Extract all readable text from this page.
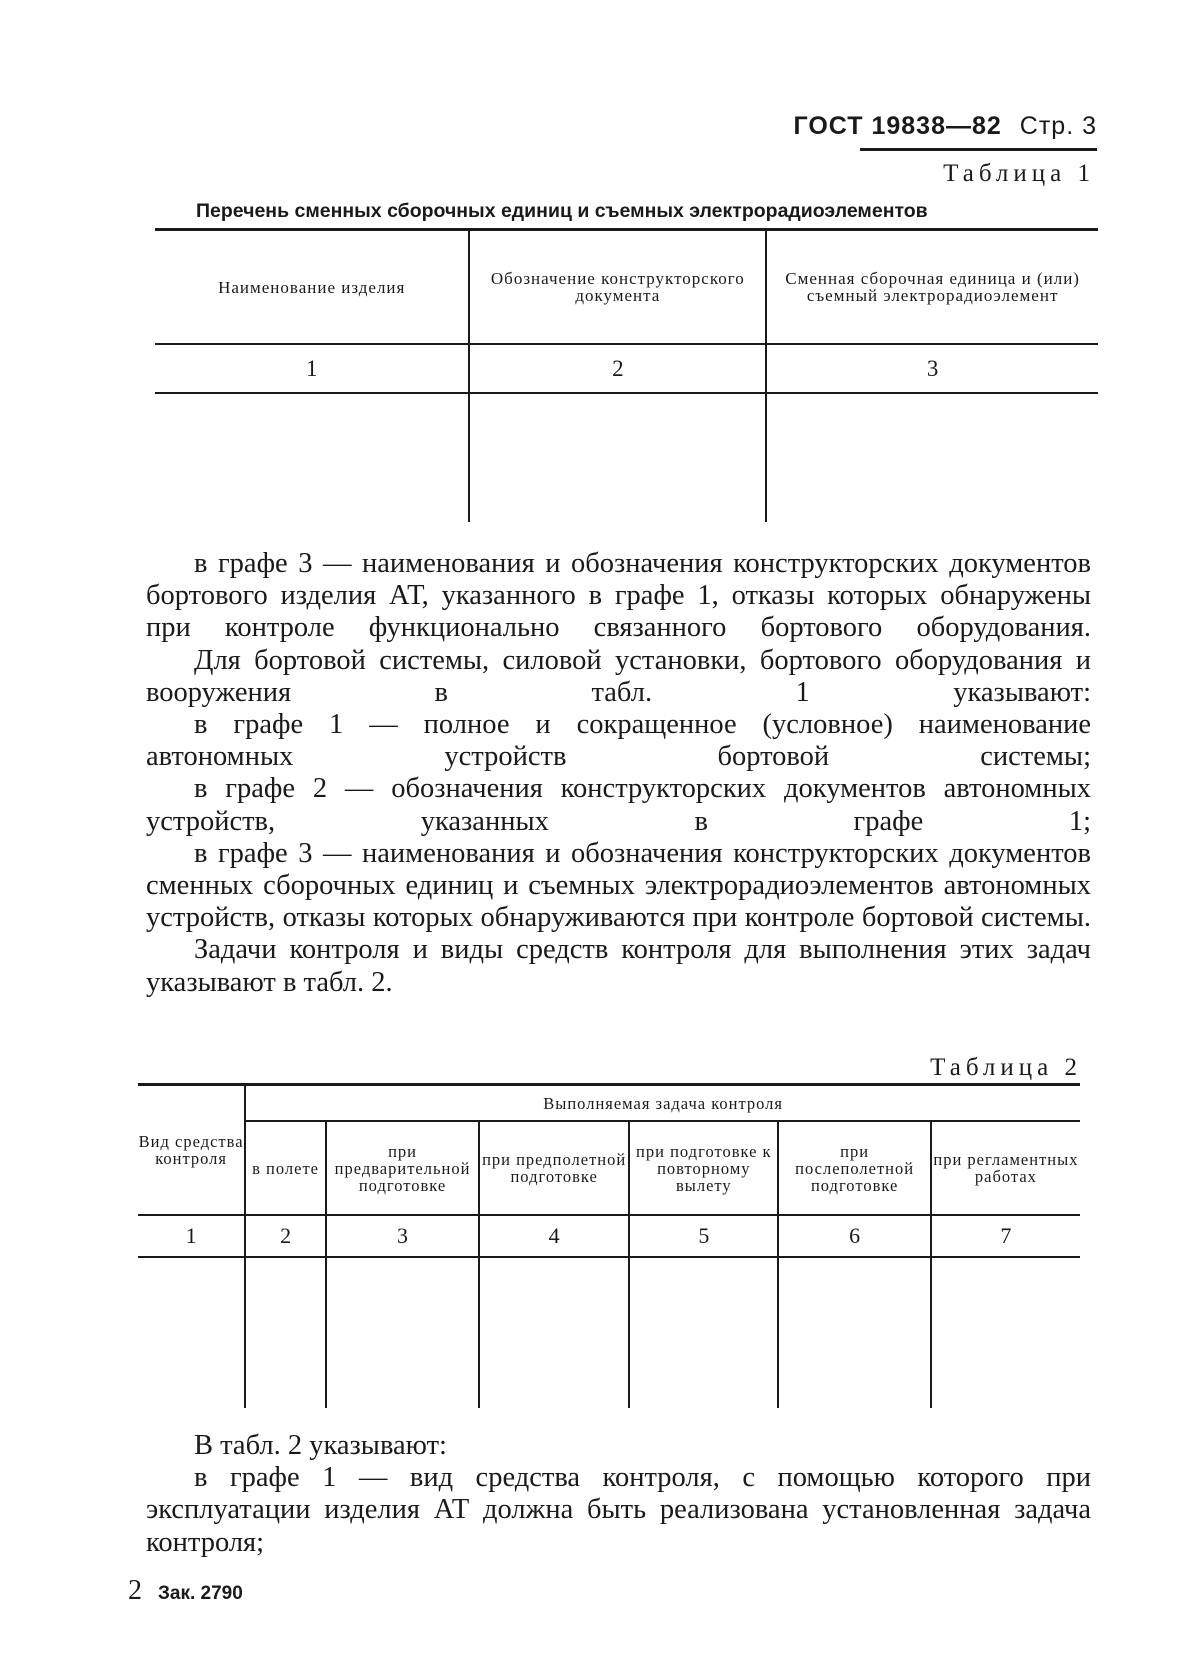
ГОСТ 19838—82 Стр. 3
Таблица 1
Перечень сменных сборочных единиц и съемных электрорадиоэлементов
Наименование изделия	Обозначение конструкторского документа	Сменная сборочная единица и (или) съемный электрорадиоэлемент
1	2	3

в графе 3 — наименования и обозначения конструкторских документов бортового изделия АТ, указанного в графе 1, отказы которых обнаружены при контроле функционально связанного бортового оборудования.

Для бортовой системы, силовой установки, бортового оборудования и вооружения в табл. 1 указывают:

в графе 1 — полное и сокращенное (условное) наименование автономных устройств бортовой системы;

в графе 2 — обозначения конструкторских документов автономных устройств, указанных в графе 1;

в графе 3 — наименования и обозначения конструкторских документов сменных сборочных единиц и съемных электрорадиоэлементов автономных устройств, отказы которых обнаруживаются при контроле бортовой системы.

Задачи контроля и виды средств контроля для выполнения этих задач указывают в табл. 2.

Таблица 2
Вид средства контроля	Выполняемая задача контроля					
	в полете	при предварительной подготовке	при предполетной подготовке	при подготовке к повторному вылету	при послеполетной подготовке	при регламентных работах
1	2	3	4	5	6	7

В табл. 2 указывают:

в графе 1 — вид средства контроля, с помощью которого при эксплуатации изделия АТ должна быть реализована установленная задача контроля;

2 Зак. 2790
